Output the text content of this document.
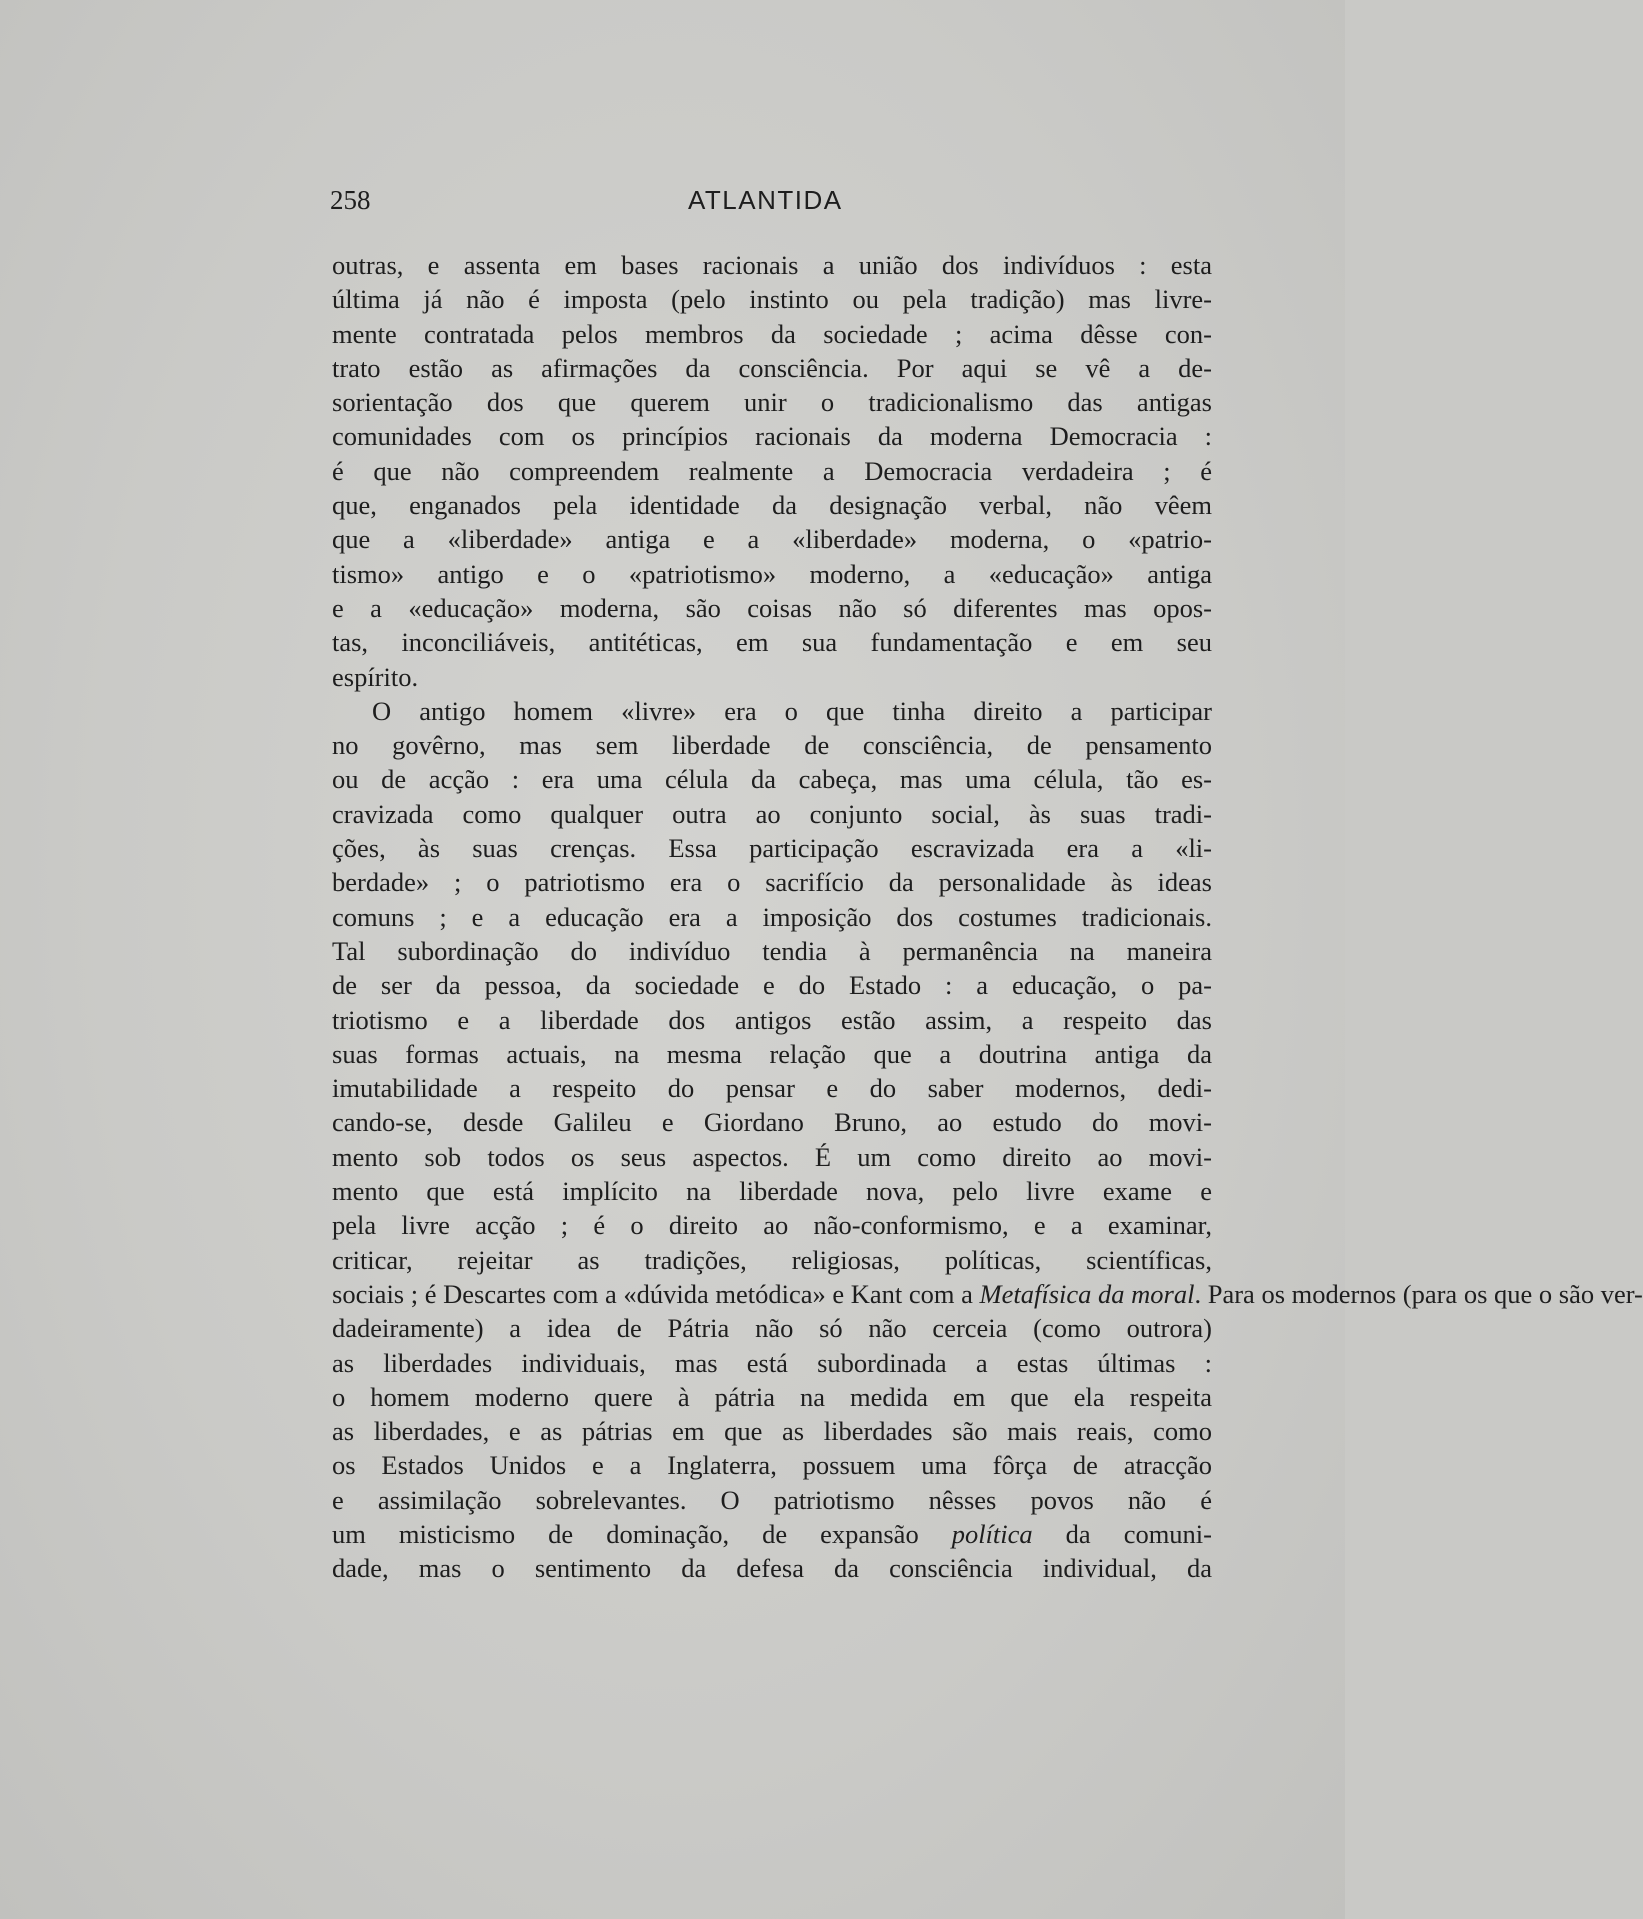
258	ATLANTIDA
outras, e assenta em bases racionais a união dos indivíduos : esta
última já não é imposta (pelo instinto ou pela tradição) mas livre-
mente contratada pelos membros da sociedade ; acima dêsse con-
trato estão as afirmações da consciência. Por aqui se vê a de-
sorientação dos que querem unir o tradicionalismo das antigas
comunidades com os princípios racionais da moderna Democracia :
é que não compreendem realmente a Democracia verdadeira ; é
que, enganados pela identidade da designação verbal, não vêem
que a «liberdade» antiga e a «liberdade» moderna, o «patrio-
tismo» antigo e o «patriotismo» moderno, a «educação» antiga
e a «educação» moderna, são coisas não só diferentes mas opos-
tas, inconciliáveis, antitéticas, em sua fundamentação e em seu
espírito.
O antigo homem «livre» era o que tinha direito a participar
no govêrno, mas sem liberdade de consciência, de pensamento
ou de acção : era uma célula da cabeça, mas uma célula, tão es-
cravizada como qualquer outra ao conjunto social, às suas tradi-
ções, às suas crenças. Essa participação escravizada era a «li-
berdade» ; o patriotismo era o sacrifício da personalidade às ideas
comuns ; e a educação era a imposição dos costumes tradicionais.
Tal subordinação do indivíduo tendia à permanência na maneira
de ser da pessoa, da sociedade e do Estado : a educação, o pa-
triotismo e a liberdade dos antigos estão assim, a respeito das
suas formas actuais, na mesma relação que a doutrina antiga da
imutabilidade a respeito do pensar e do saber modernos, dedi-
cando-se, desde Galileu e Giordano Bruno, ao estudo do movi-
mento sob todos os seus aspectos. É um como direito ao movi-
mento que está implícito na liberdade nova, pelo livre exame e
pela livre acção ; é o direito ao não-conformismo, e a examinar,
criticar, rejeitar as tradições, religiosas, políticas, scientíficas,
sociais ; é Descartes com a «dúvida metódica» e Kant com a Metafísica da moral. Para os modernos (para os que o são ver-
dadeiramente) a idea de Pátria não só não cerceia (como outrora)
as liberdades individuais, mas está subordinada a estas últimas :
o homem moderno quere à pátria na medida em que ela respeita
as liberdades, e as pátrias em que as liberdades são mais reais, como
os Estados Unidos e a Inglaterra, possuem uma fôrça de atracção
e assimilação sobrelevantes. O patriotismo nêsses povos não é
um misticismo de dominação, de expansão política da comuni-
dade, mas o sentimento da defesa da consciência individual, da
